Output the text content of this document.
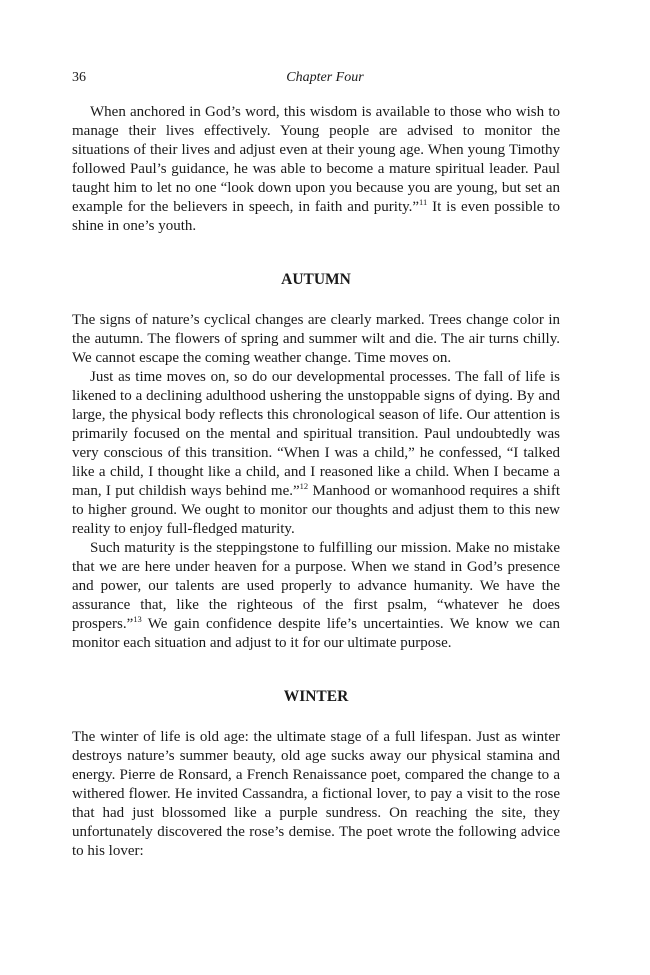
36	Chapter Four

When anchored in God’s word, this wisdom is available to those who wish to manage their lives effectively. Young people are advised to monitor the situations of their lives and adjust even at their young age. When young Timothy followed Paul’s guidance, he was able to become a mature spiritual leader. Paul taught him to let no one “look down upon you because you are young, but set an example for the believers in speech, in faith and purity.”$^{11}$ It is even possible to shine in one’s youth.

AUTUMN

The signs of nature’s cyclical changes are clearly marked. Trees change color in the autumn. The flowers of spring and summer wilt and die. The air turns chilly. We cannot escape the coming weather change. Time moves on.

Just as time moves on, so do our developmental processes. The fall of life is likened to a declining adulthood ushering the unstoppable signs of dying. By and large, the physical body reflects this chronological season of life. Our attention is primarily focused on the mental and spiritual transition. Paul undoubtedly was very conscious of this transition. “When I was a child,” he confessed, “I talked like a child, I thought like a child, and I reasoned like a child. When I became a man, I put childish ways behind me.”$^{12}$ Manhood or womanhood requires a shift to higher ground. We ought to monitor our thoughts and adjust them to this new reality to enjoy full-fledged maturity.

Such maturity is the steppingstone to fulfilling our mission. Make no mistake that we are here under heaven for a purpose. When we stand in God’s presence and power, our talents are used properly to advance humanity. We have the assurance that, like the righteous of the first psalm, “whatever he does prospers.”$^{13}$ We gain confidence despite life’s uncertainties. We know we can monitor each situation and adjust to it for our ultimate purpose.

WINTER

The winter of life is old age: the ultimate stage of a full lifespan. Just as winter destroys nature’s summer beauty, old age sucks away our physical stamina and energy. Pierre de Ronsard, a French Renaissance poet, compared the change to a withered flower. He invited Cassandra, a fictional lover, to pay a visit to the rose that had just blossomed like a purple sundress. On reaching the site, they unfortunately discovered the rose’s demise. The poet wrote the following advice to his lover:
